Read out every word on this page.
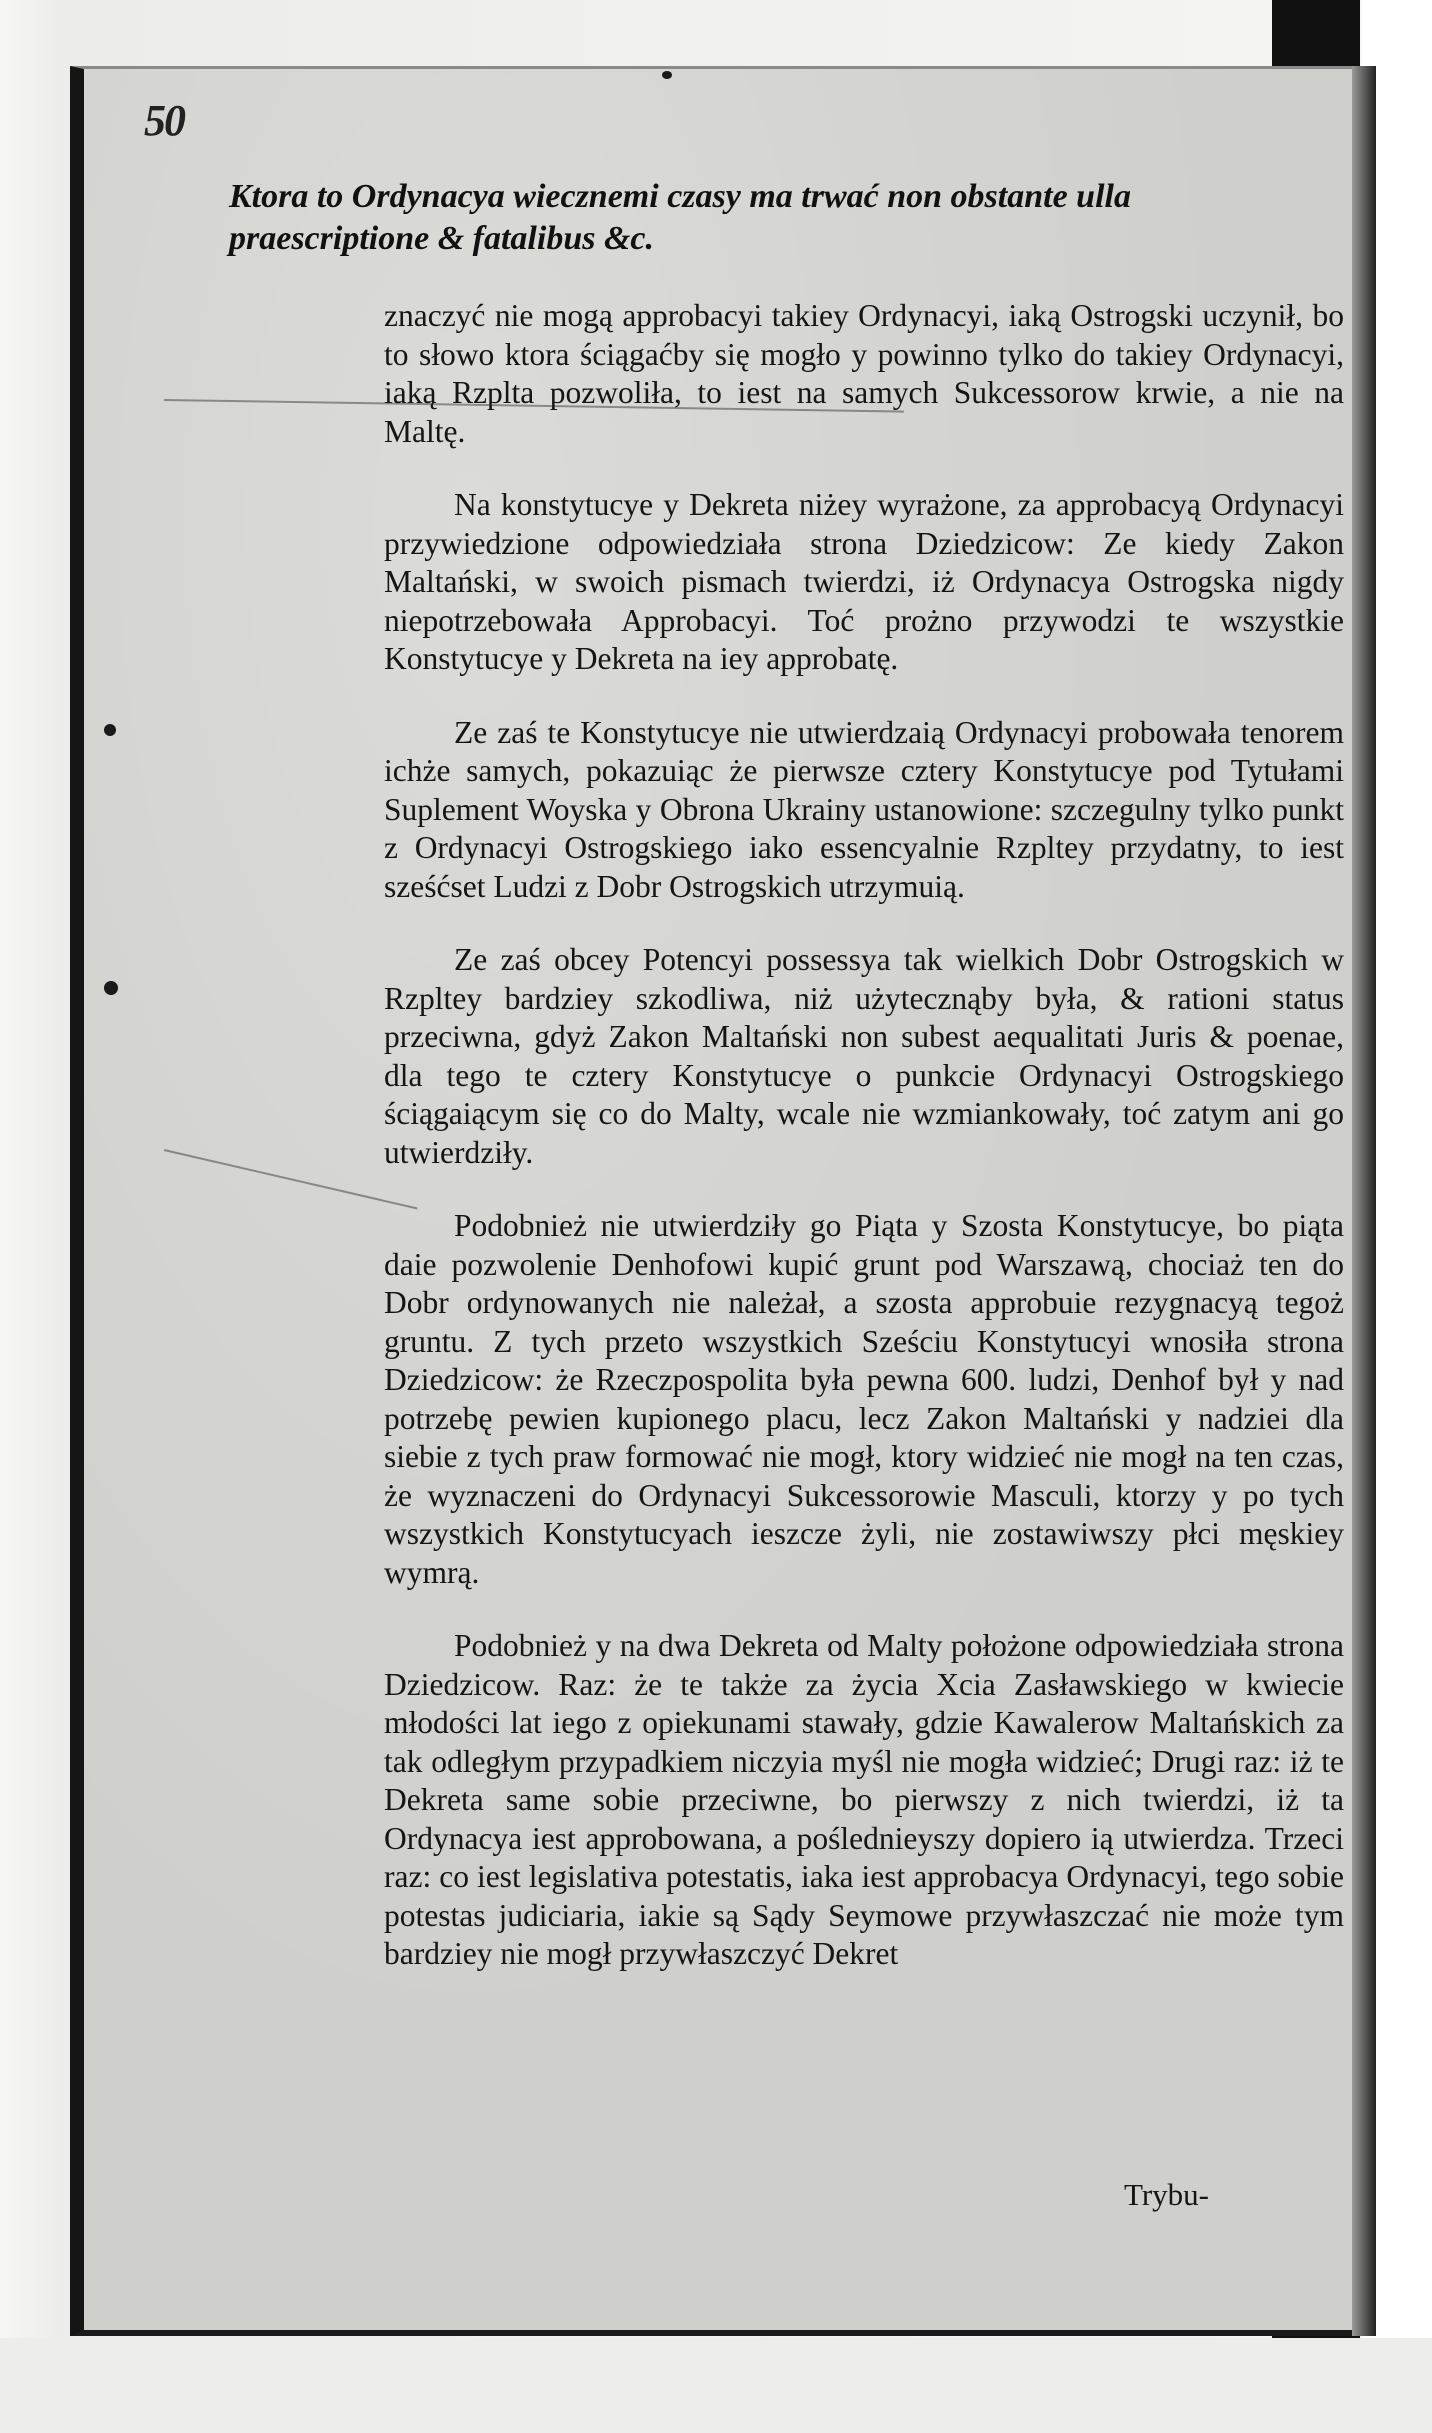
50
Ktora to Ordynacya wiecznemi czasy ma trwać non obstante ulla
praescriptione & fatalibus &c.

znaczyć nie mogą approbacyi takiey Ordynacyi, iaką Ostrogski uczynił, bo to słowo ktora ściągaćby się mogło y powinno tylko do takiey Ordynacyi, iaką Rzplta pozwoliła, to iest na samych Sukcessorow krwie, a nie na Maltę.

Na konstytucye y Dekreta niżey wyrażone, za approbacyą Ordynacyi przywiedzione odpowiedziała strona Dziedzicow: Ze kiedy Zakon Maltański, w swoich pismach twierdzi, iż Ordynacya Ostrogska nigdy niepotrzebowała Approbacyi. Toć prożno przywodzi te wszystkie Konstytucye y Dekreta na iey approbatę.

Ze zaś te Konstytucye nie utwierdzaią Ordynacyi probowała tenorem ichże samych, pokazuiąc że pierwsze cztery Konstytucye pod Tytułami Suplement Woyska y Obrona Ukrainy ustanowione: szczegulny tylko punkt z Ordynacyi Ostrogskiego iako essencyalnie Rzpltey przydatny, to iest sześćset Ludzi z Dobr Ostrogskich utrzymuią.

Ze zaś obcey Potencyi possessya tak wielkich Dobr Ostrogskich w Rzpltey bardziey szkodliwa, niż użytecznąby była, & rationi status przeciwna, gdyż Zakon Maltański non subest aequalitati Juris & poenae, dla tego te cztery Konstytucye o punkcie Ordynacyi Ostrogskiego ściągaiącym się co do Malty, wcale nie wzmiankowały, toć zatym ani go utwierdziły.

Podobnież nie utwierdziły go Piąta y Szosta Konstytucye, bo piąta daie pozwolenie Denhofowi kupić grunt pod Warszawą, chociaż ten do Dobr ordynowanych nie należał, a szosta approbuie rezygnacyą tegoż gruntu. Z tych przeto wszystkich Sześciu Konstytucyi wnosiła strona Dziedzicow: że Rzeczpospolita była pewna 600. ludzi, Denhof był y nad potrzebę pewien kupionego placu, lecz Zakon Maltański y nadziei dla siebie z tych praw formować nie mogł, ktory widzieć nie mogł na ten czas, że wyznaczeni do Ordynacyi Sukcessorowie Masculi, ktorzy y po tych wszystkich Konstytucyach ieszcze żyli, nie zostawiwszy płci męskiey wymrą.

Podobnież y na dwa Dekreta od Malty położone odpowiedziała strona Dziedzicow. Raz: że te także za życia Xcia Zasławskiego w kwiecie młodości lat iego z opiekunami stawały, gdzie Kawalerow Maltańskich za tak odległym przypadkiem niczyia myśl nie mogła widzieć; Drugi raz: iż te Dekreta same sobie przeciwne, bo pierwszy z nich twierdzi, iż ta Ordynacya iest approbowana, a poślednieyszy dopiero ią utwierdza. Trzeci raz: co iest legislativa potestatis, iaka iest approbacya Ordynacyi, tego sobie potestas judiciaria, iakie są Sądy Seymowe przywłaszczać nie może tym bardziey nie mogł przywłaszczyć Dekret

Trybu-
